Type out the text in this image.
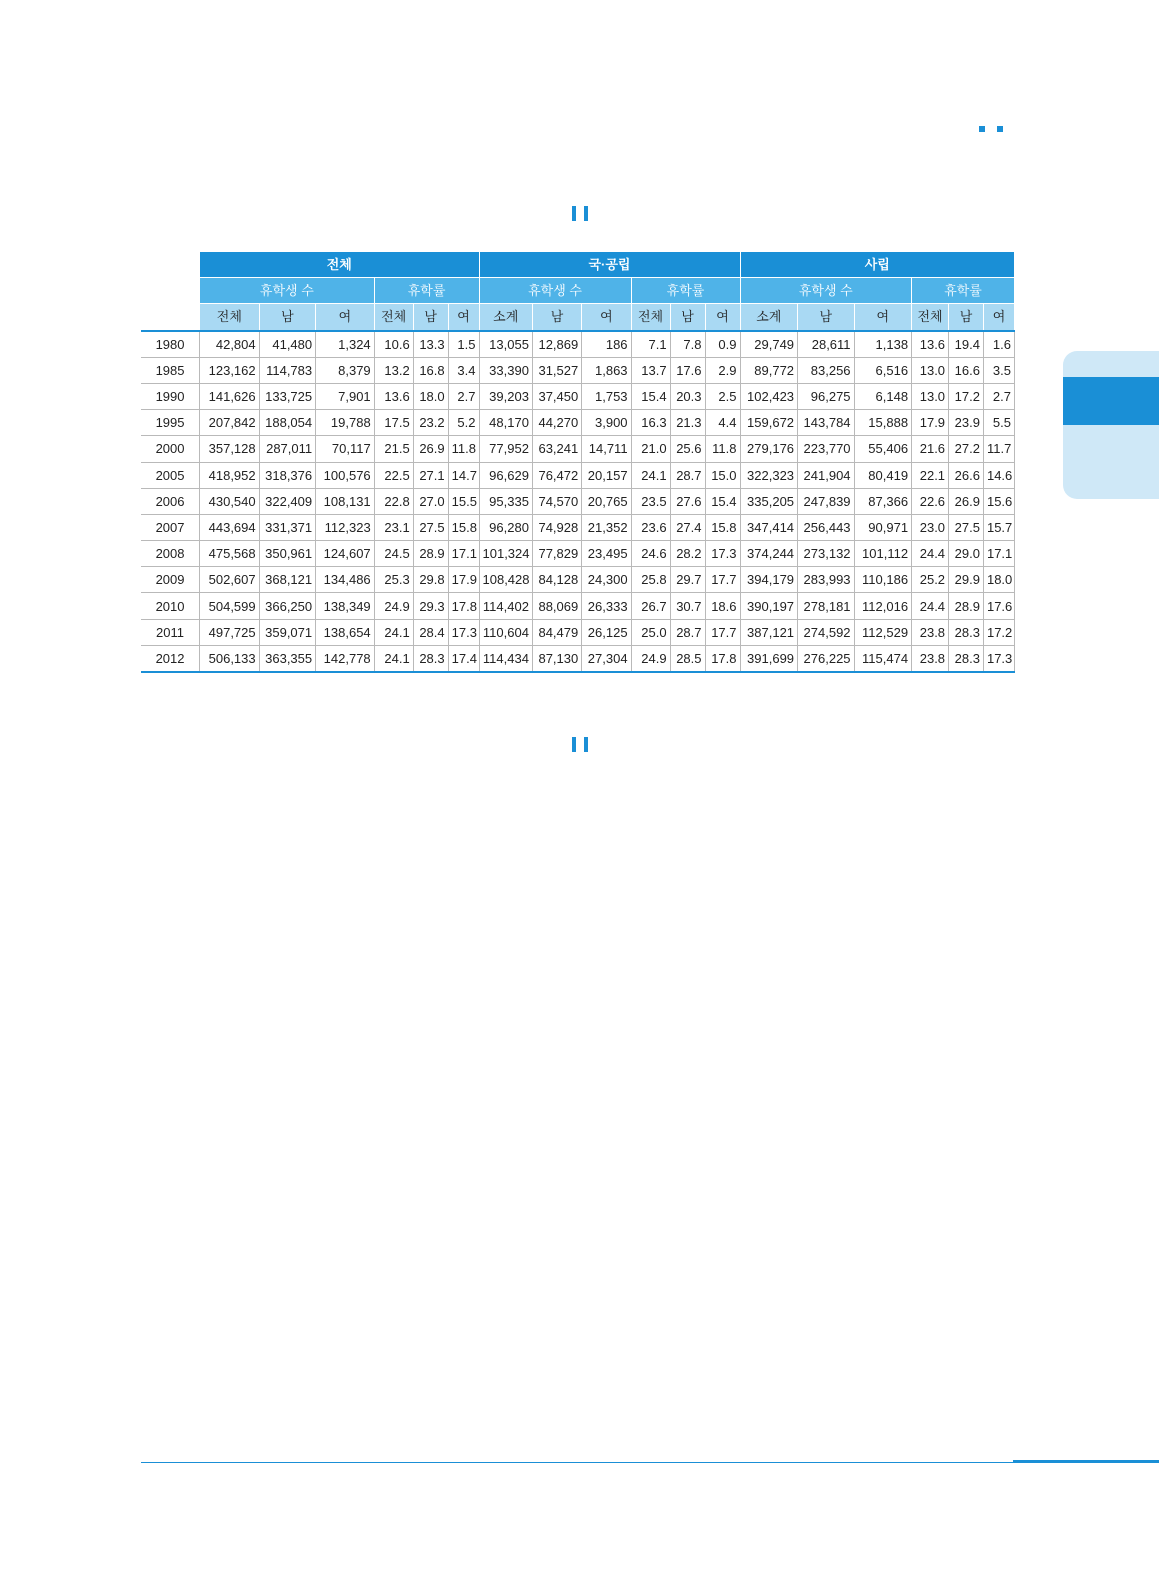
	전체						국·공립						사립					
	휴학생 수			휴학률			휴학생 수			휴학률			휴학생 수			휴학률		
	전체	남	여	전체	남	여	소계	남	여	전체	남	여	소계	남	여	전체	남	여
1980	42,804	41,480	1,324	10.6	13.3	1.5	13,055	12,869	186	7.1	7.8	0.9	29,749	28,611	1,138	13.6	19.4	1.6
1985	123,162	114,783	8,379	13.2	16.8	3.4	33,390	31,527	1,863	13.7	17.6	2.9	89,772	83,256	6,516	13.0	16.6	3.5
1990	141,626	133,725	7,901	13.6	18.0	2.7	39,203	37,450	1,753	15.4	20.3	2.5	102,423	96,275	6,148	13.0	17.2	2.7
1995	207,842	188,054	19,788	17.5	23.2	5.2	48,170	44,270	3,900	16.3	21.3	4.4	159,672	143,784	15,888	17.9	23.9	5.5
2000	357,128	287,011	70,117	21.5	26.9	11.8	77,952	63,241	14,711	21.0	25.6	11.8	279,176	223,770	55,406	21.6	27.2	11.7
2005	418,952	318,376	100,576	22.5	27.1	14.7	96,629	76,472	20,157	24.1	28.7	15.0	322,323	241,904	80,419	22.1	26.6	14.6
2006	430,540	322,409	108,131	22.8	27.0	15.5	95,335	74,570	20,765	23.5	27.6	15.4	335,205	247,839	87,366	22.6	26.9	15.6
2007	443,694	331,371	112,323	23.1	27.5	15.8	96,280	74,928	21,352	23.6	27.4	15.8	347,414	256,443	90,971	23.0	27.5	15.7
2008	475,568	350,961	124,607	24.5	28.9	17.1	101,324	77,829	23,495	24.6	28.2	17.3	374,244	273,132	101,112	24.4	29.0	17.1
2009	502,607	368,121	134,486	25.3	29.8	17.9	108,428	84,128	24,300	25.8	29.7	17.7	394,179	283,993	110,186	25.2	29.9	18.0
2010	504,599	366,250	138,349	24.9	29.3	17.8	114,402	88,069	26,333	26.7	30.7	18.6	390,197	278,181	112,016	24.4	28.9	17.6
2011	497,725	359,071	138,654	24.1	28.4	17.3	110,604	84,479	26,125	25.0	28.7	17.7	387,121	274,592	112,529	23.8	28.3	17.2
2012	506,133	363,355	142,778	24.1	28.3	17.4	114,434	87,130	27,304	24.9	28.5	17.8	391,699	276,225	115,474	23.8	28.3	17.3
